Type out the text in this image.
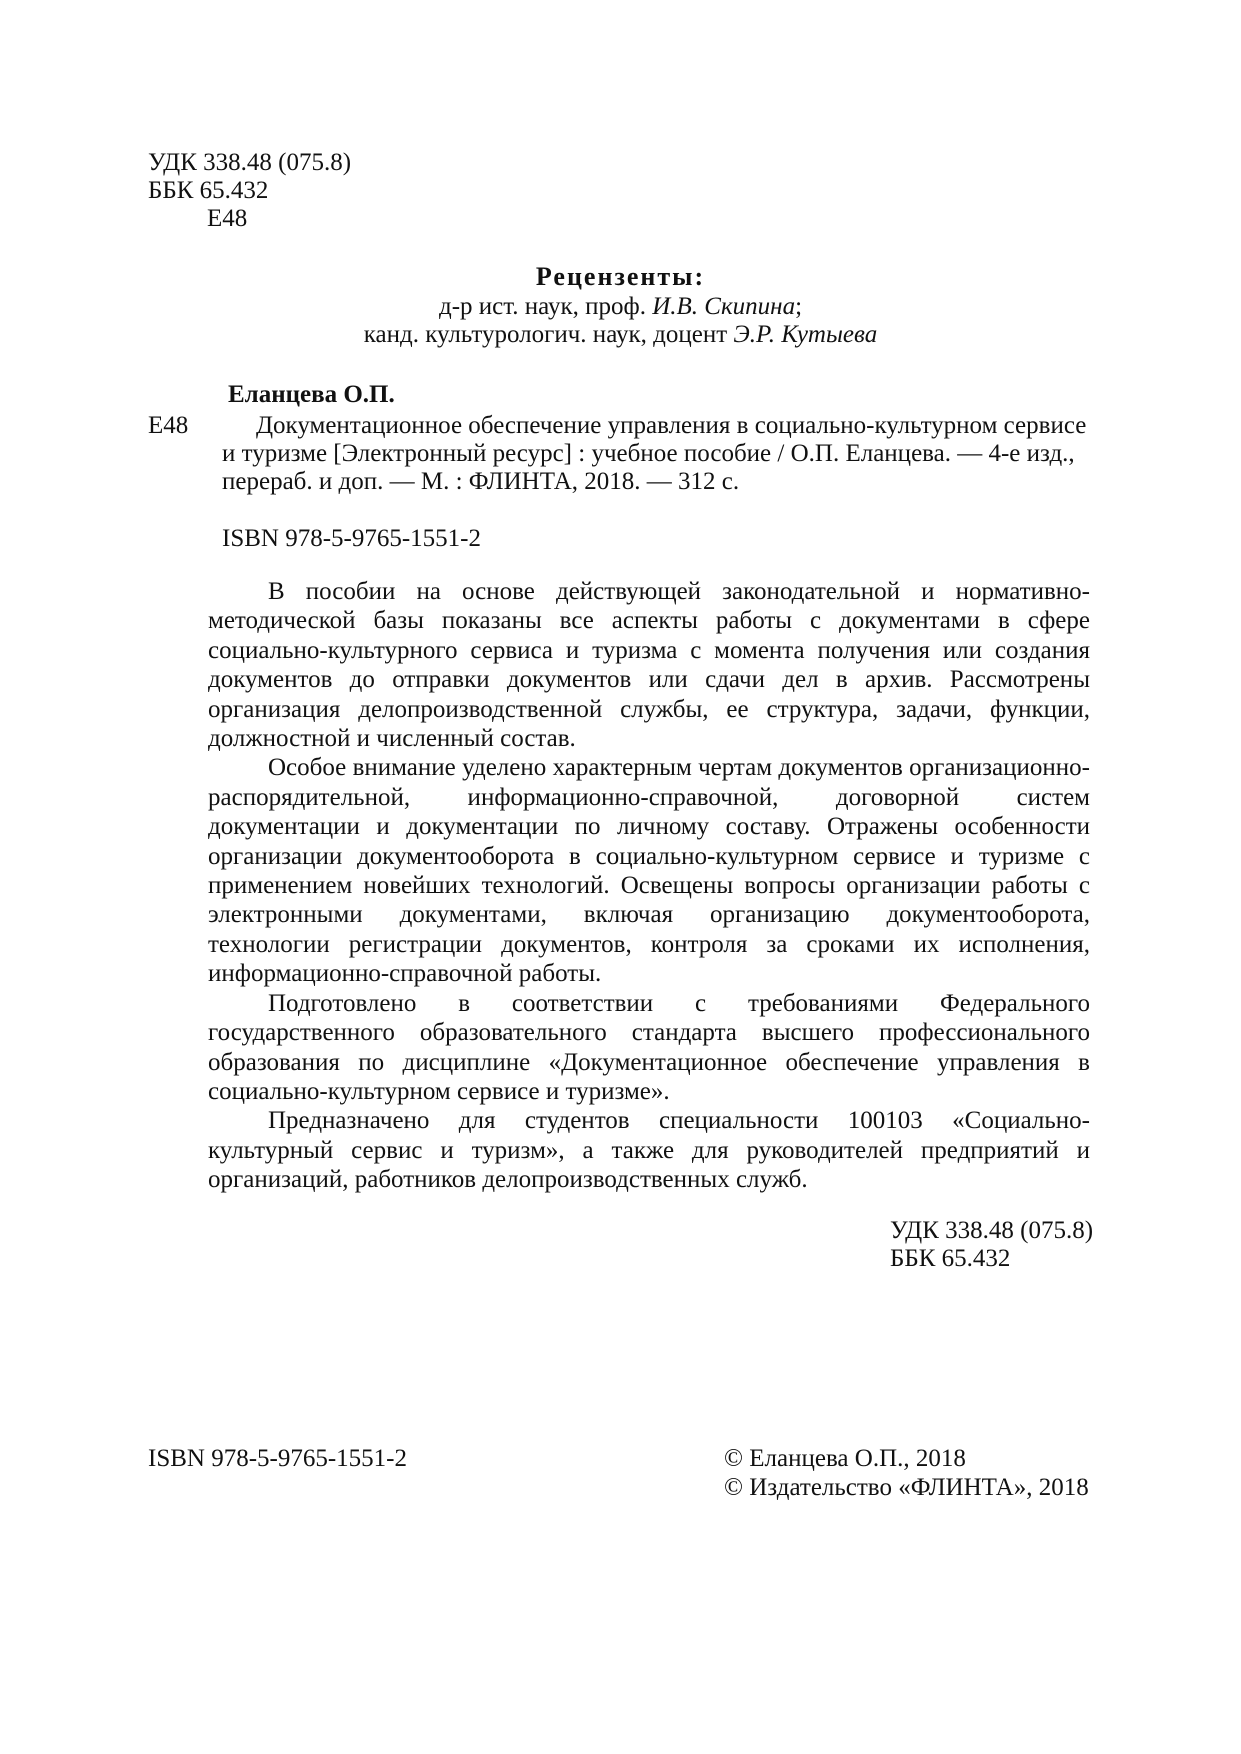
УДК 338.48 (075.8)
ББК 65.432
Е48
Рецензенты:
д-р ист. наук, проф. И.В. Скипина;
канд. культурологич. наук, доцент Э.Р. Кутыева
Еланцева О.П.
Е48	Документационное обеспечение управления в социально-культурном сервисе
и туризме [Электронный ресурс] : учебное пособие / О.П. Еланцева. — 4-е изд.,
перераб. и доп. — М. : ФЛИНТА, 2018. — 312 с.
ISBN 978-5-9765-1551-2

В пособии на основе действующей законодательной и нормативно-методической базы показаны все аспекты работы с документами в сфере социально-культурного сервиса и туризма с момента получения или создания документов до отправки документов или сдачи дел в архив. Рассмотрены организация делопроизводственной службы, ее структура, задачи, функции, должностной и численный состав.

Особое внимание уделено характерным чертам документов организационно-распорядительной, информационно-справочной, договорной систем документации и документации по личному составу. Отражены особенности организации документооборота в социально-культурном сервисе и туризме с применением новейших технологий. Освещены вопросы организации работы с электронными документами, включая организацию документооборота, технологии регистрации документов, контроля за сроками их исполнения, информационно-справочной работы.

Подготовлено в соответствии с требованиями Федерального государственного образовательного стандарта высшего профессионального образования по дисциплине «Документационное обеспечение управления в социально-культурном сервисе и туризме».

Предназначено для студентов специальности 100103 «Социально-культурный сервис и туризм», а также для руководителей предприятий и организаций, работников делопроизводственных служб.

УДК 338.48 (075.8)
ББК 65.432
ISBN 978-5-9765-1551-2	© Еланцева О.П., 2018
© Издательство «ФЛИНТА», 2018
